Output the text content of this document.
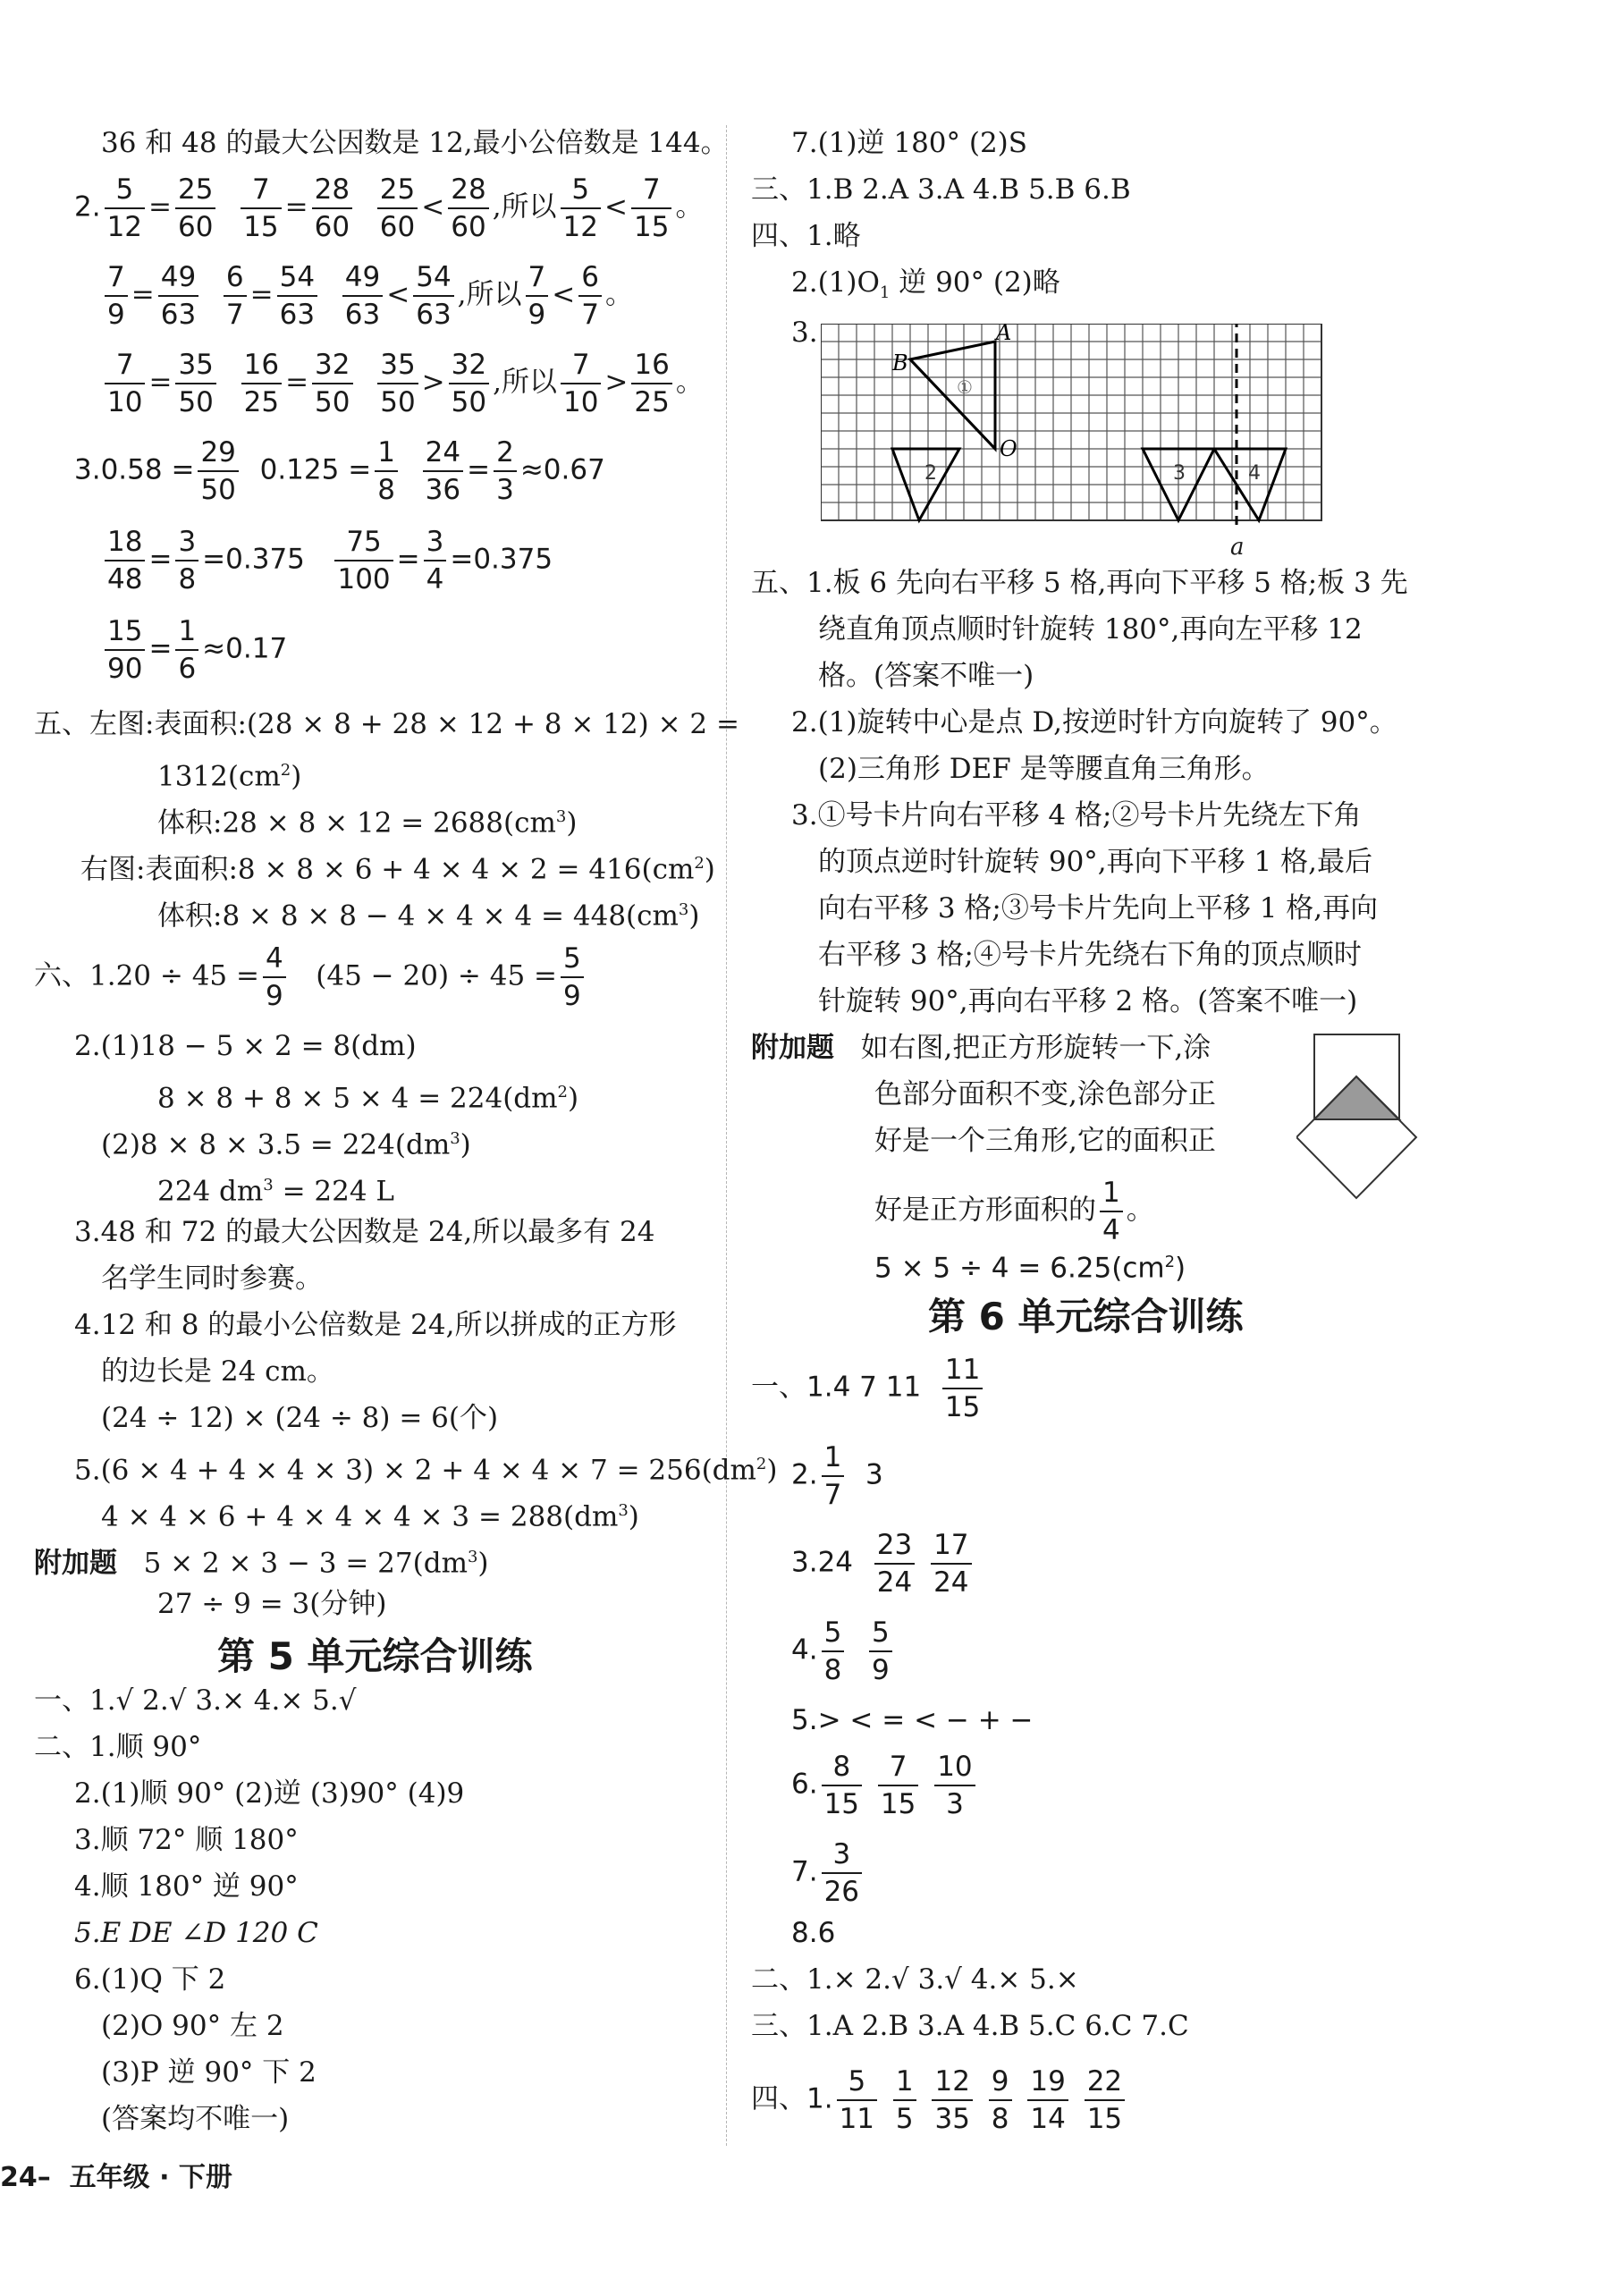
36 和 48 的最大公因数是 12,最小公倍数是 144。
2. $\frac{5}{12} = \frac{25}{60}$
$\frac{7}{15} = \frac{28}{60}$
$\frac{25}{60} < \frac{28}{60}$ ,所以 $\frac{5}{12} < \frac{7}{15}$ 。
$\frac{7}{9} = \frac{49}{63}$
$\frac{6}{7} = \frac{54}{63}$
$\frac{49}{63} < \frac{54}{63}$ ,所以 $\frac{7}{9} < \frac{6}{7}$ 。
$\frac{7}{10} = \frac{35}{50}$
$\frac{16}{25} = \frac{32}{50}$
$\frac{35}{50} > \frac{32}{50}$ ,所以 $\frac{7}{10} > \frac{16}{25}$ 。
$3.0.58 = \frac{29}{50} 0.125 = \frac{1}{8}$
$\frac{24}{36} = \frac{2}{3} \approx 0.67$
$\frac{18}{48} = \frac{3}{8} =0.375 \frac{75}{100} = \frac{3}{4} =0.375$
$\frac{15}{90} = \frac{1}{6} \approx 0.17$
五、左图:表面积:(28 × 8 + 28 × 12 + 8 × 12) × 2 =
$1312(cm^2)$
体积:28 × $8 \times 12 = 2688(cm^3)$
右图:表面积:8 × $8 \times 6 + 4 \times 4 \times 2 = 416(cm^2)$
体积:8 × $8 \times 8 - 4 \times 4 \times 4 = 448(cm^3)$
六、$1.20 \div 45 = \frac{4}{9} (45 - 20) \div 45 = \frac{5}{9}$
2.(1)18 − 5 × 2 = 8(dm)
$8 \times 8 + 8 \times 5 \times 4 = 224(dm^2)$
$(2)8 \times 8 \times 3.5 = 224(dm^3)$
224 $dm^3 = 224$ L
3.48 和 72 的最大公因数是 24,所以最多有 24
名学生同时参赛。
4.12 和 8 的最小公倍数是 24,所以拼成的正方形
的边长是 24 cm。
(24 ÷ 12) × (24 ÷ 8) = 6(个)
$5.(6 \times 4 + 4 \times 4 \times 3) \times 2 + 4 \times 4 \times 7 = 256(dm^2)$
$4 \times 4 \times 6 + 4 \times 4 \times 4 \times 3 = 288(dm^3)$
附加题 $5 \times 2 \times 3 - 3 = 27(dm^3)$
27 ÷ 9 = 3(分钟)
第 5 单元综合训练
一、1.√ 2.√ 3.× 4.× 5.√
二、1.顺 90°
2.(1)顺 90° (2)逆 (3)90° (4)9
3.顺 72° 顺 180°
4.顺 180° 逆 90°
5.E DE ∠D 120 C
6.(1)Q 下 2
(2)O 90° 左 2
(3)P 逆 90° 下 2
(答案均不唯一)
7.(1)逆 180° (2)S
三、1.B 2.A 3.A 4.B 5.B 6.B
四、1.略
$2.(1)O_1$ 逆 90° (2)略
3.	A
B
O
①
2	3	4
a
五、1.板 6 先向右平移 5 格,再向下平移 5 格;板 3 先
绕直角顶点顺时针旋转 180°,再向左平移 12
格。(答案不唯一)
2.(1)旋转中心是点 D,按逆时针方向旋转了 90°。
(2)三角形 DEF 是等腰直角三角形。
3.①号卡片向右平移 4 格;②号卡片先绕左下角
的顶点逆时针旋转 90°,再向下平移 1 格,最后
向右平移 3 格;③号卡片先向上平移 1 格,再向
右平移 3 格;④号卡片先绕右下角的顶点顺时
针旋转 90°,再向右平移 2 格。(答案不唯一)
附加题 如右图,把正方形旋转一下,涂
色部分面积不变,涂色部分正
好是一个三角形,它的面积正
好是正方形面积的 $\frac{1}{4}$ 。
$5 \times 5 \div 4 = 6.25(cm^2)$
第 6 单元综合训练
一、1.4 7 $11 \frac{11}{15}$
2. $\frac{1}{7} 3$
$3.24 \frac{23}{24}$
$\frac{17}{24}$
4. $\frac{5}{8}$
$\frac{5}{9}$
5.> < = < − + −
6. $\frac{8}{15}$
$\frac{7}{15}$
$\frac{10}{3}$
7. $\frac{3}{26}$
8.6
二、1.× 2.√ 3.√ 4.× 5.×
三、1.A 2.B 3.A 4.B 5.C 6.C 7.C
四、1. $\frac{5}{11}$
$\frac{1}{5}$
$\frac{12}{35}$
$\frac{9}{8}$
$\frac{19}{14}$
$\frac{22}{15}$
24– 五年级 · 下册
